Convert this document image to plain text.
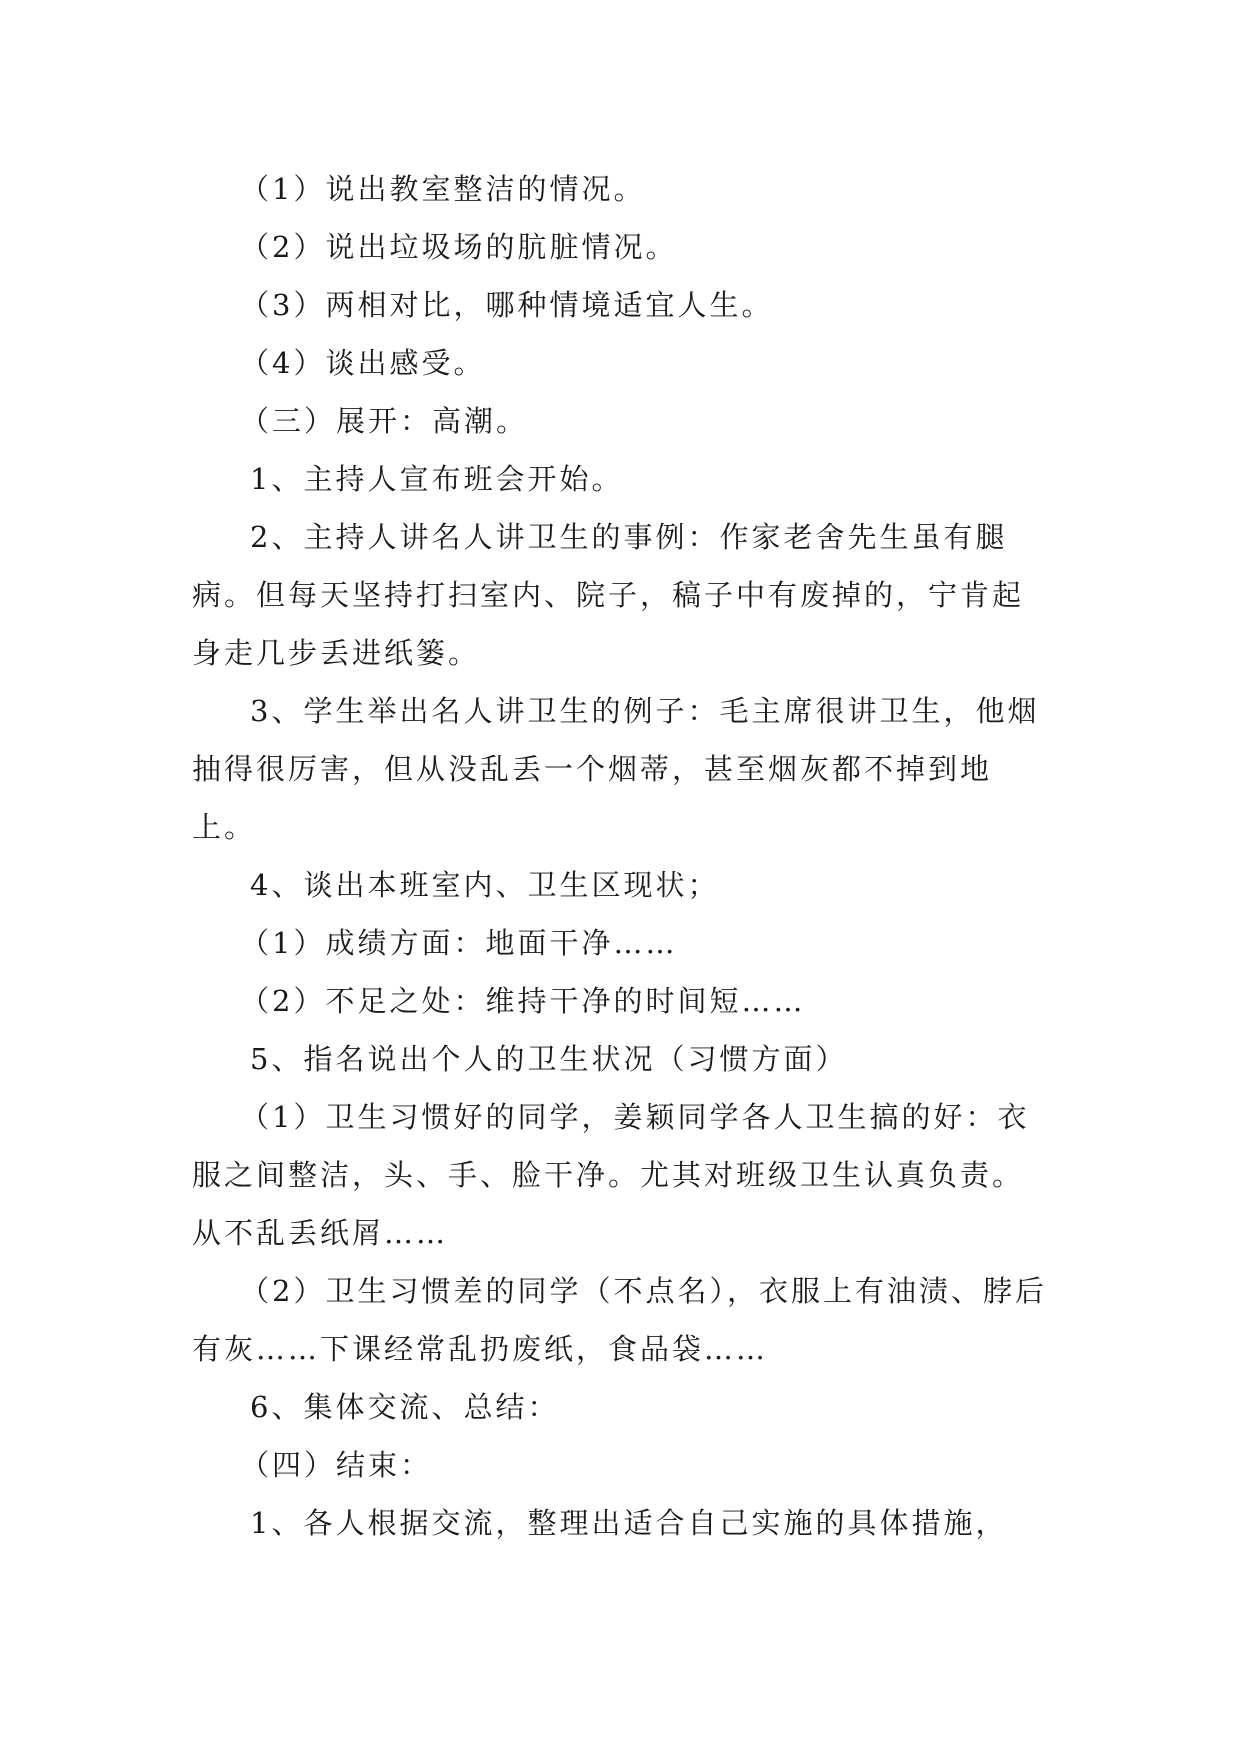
（1）说出教室整洁的情况。

（2）说出垃圾场的肮脏情况。

（3）两相对比，哪种情境适宜人生。

（4）谈出感受。

（三）展开：高潮。

1、主持人宣布班会开始。

2、主持人讲名人讲卫生的事例：作家老舍先生虽有腿病。但每天坚持打扫室内、院子，稿子中有废掉的，宁肯起身走几步丢进纸篓。

3、学生举出名人讲卫生的例子：毛主席很讲卫生，他烟抽得很厉害，但从没乱丢一个烟蒂，甚至烟灰都不掉到地上。

4、谈出本班室内、卫生区现状；

（1）成绩方面：地面干净……

（2）不足之处：维持干净的时间短……

5、指名说出个人的卫生状况（习惯方面）

（1）卫生习惯好的同学，姜颖同学各人卫生搞的好：衣服之间整洁，头、手、脸干净。尤其对班级卫生认真负责。从不乱丢纸屑……

（2）卫生习惯差的同学（不点名），衣服上有油渍、脖后有灰……下课经常乱扔废纸，食品袋……

6、集体交流、总结：

（四）结束：

1、各人根据交流，整理出适合自己实施的具体措施，
